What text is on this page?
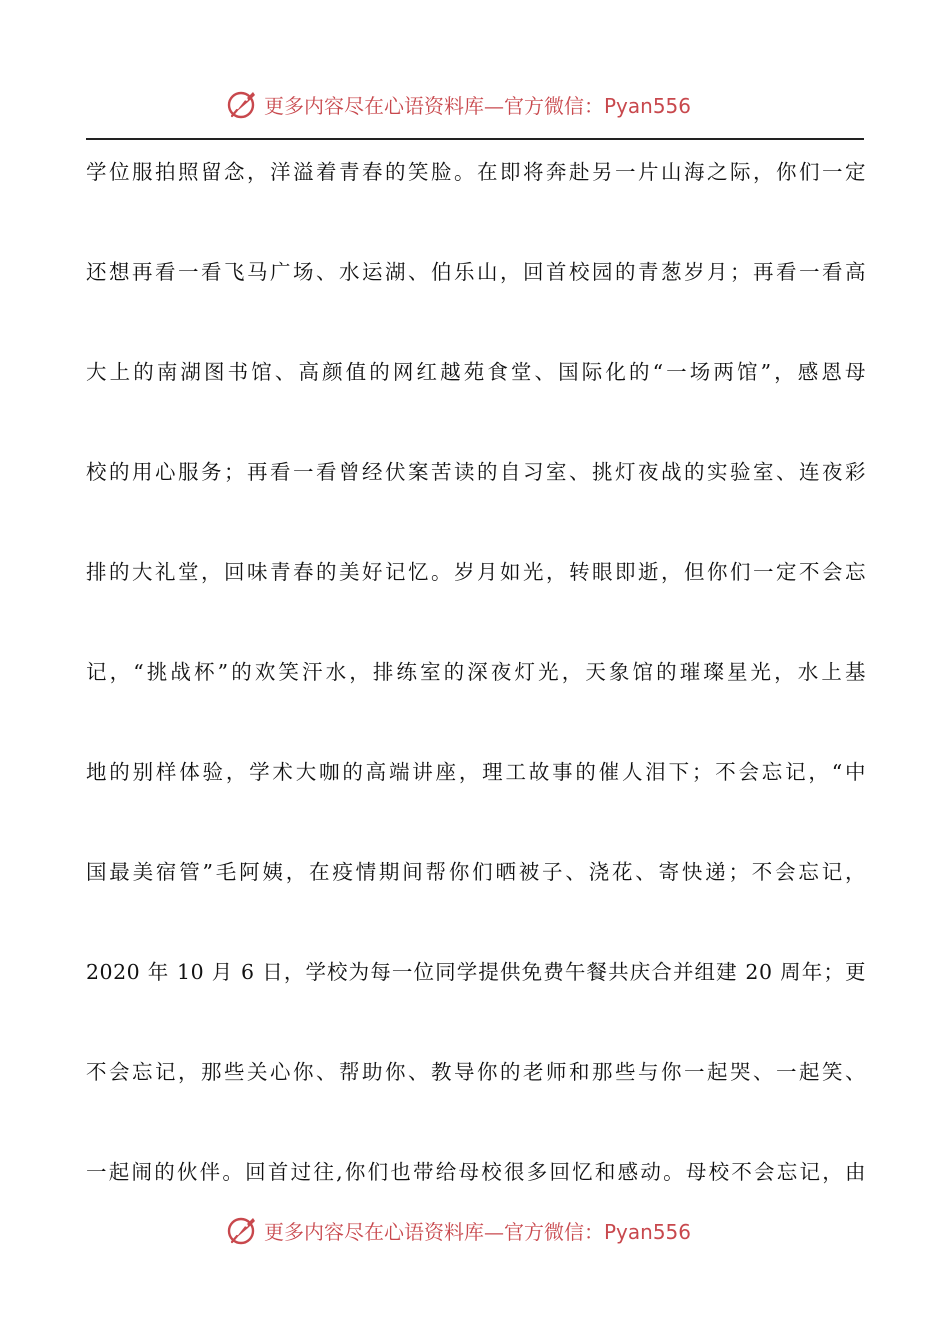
更多内容尽在心语资料库—官方微信：Pyan556
学位服拍照留念，洋溢着青春的笑脸。在即将奔赴另一片山海之际，你们一定
还想再看一看飞马广场、水运湖、伯乐山，回首校园的青葱岁月；再看一看高
大上的南湖图书馆、高颜值的网红越苑食堂、国际化的“一场两馆”，感恩母
校的用心服务；再看一看曾经伏案苦读的自习室、挑灯夜战的实验室、连夜彩
排的大礼堂，回味青春的美好记忆。岁月如光，转眼即逝，但你们一定不会忘
记，“挑战杯”的欢笑汗水，排练室的深夜灯光，天象馆的璀璨星光，水上基
地的别样体验，学术大咖的高端讲座，理工故事的催人泪下；不会忘记，“中
国最美宿管”毛阿姨，在疫情期间帮你们晒被子、浇花、寄快递；不会忘记，
2020 年 10 月 6 日，学校为每一位同学提供免费午餐共庆合并组建 20 周年；更
不会忘记，那些关心你、帮助你、教导你的老师和那些与你一起哭、一起笑、
一起闹的伙伴。回首过往,你们也带给母校很多回忆和感动。母校不会忘记，由
更多内容尽在心语资料库—官方微信：Pyan556
